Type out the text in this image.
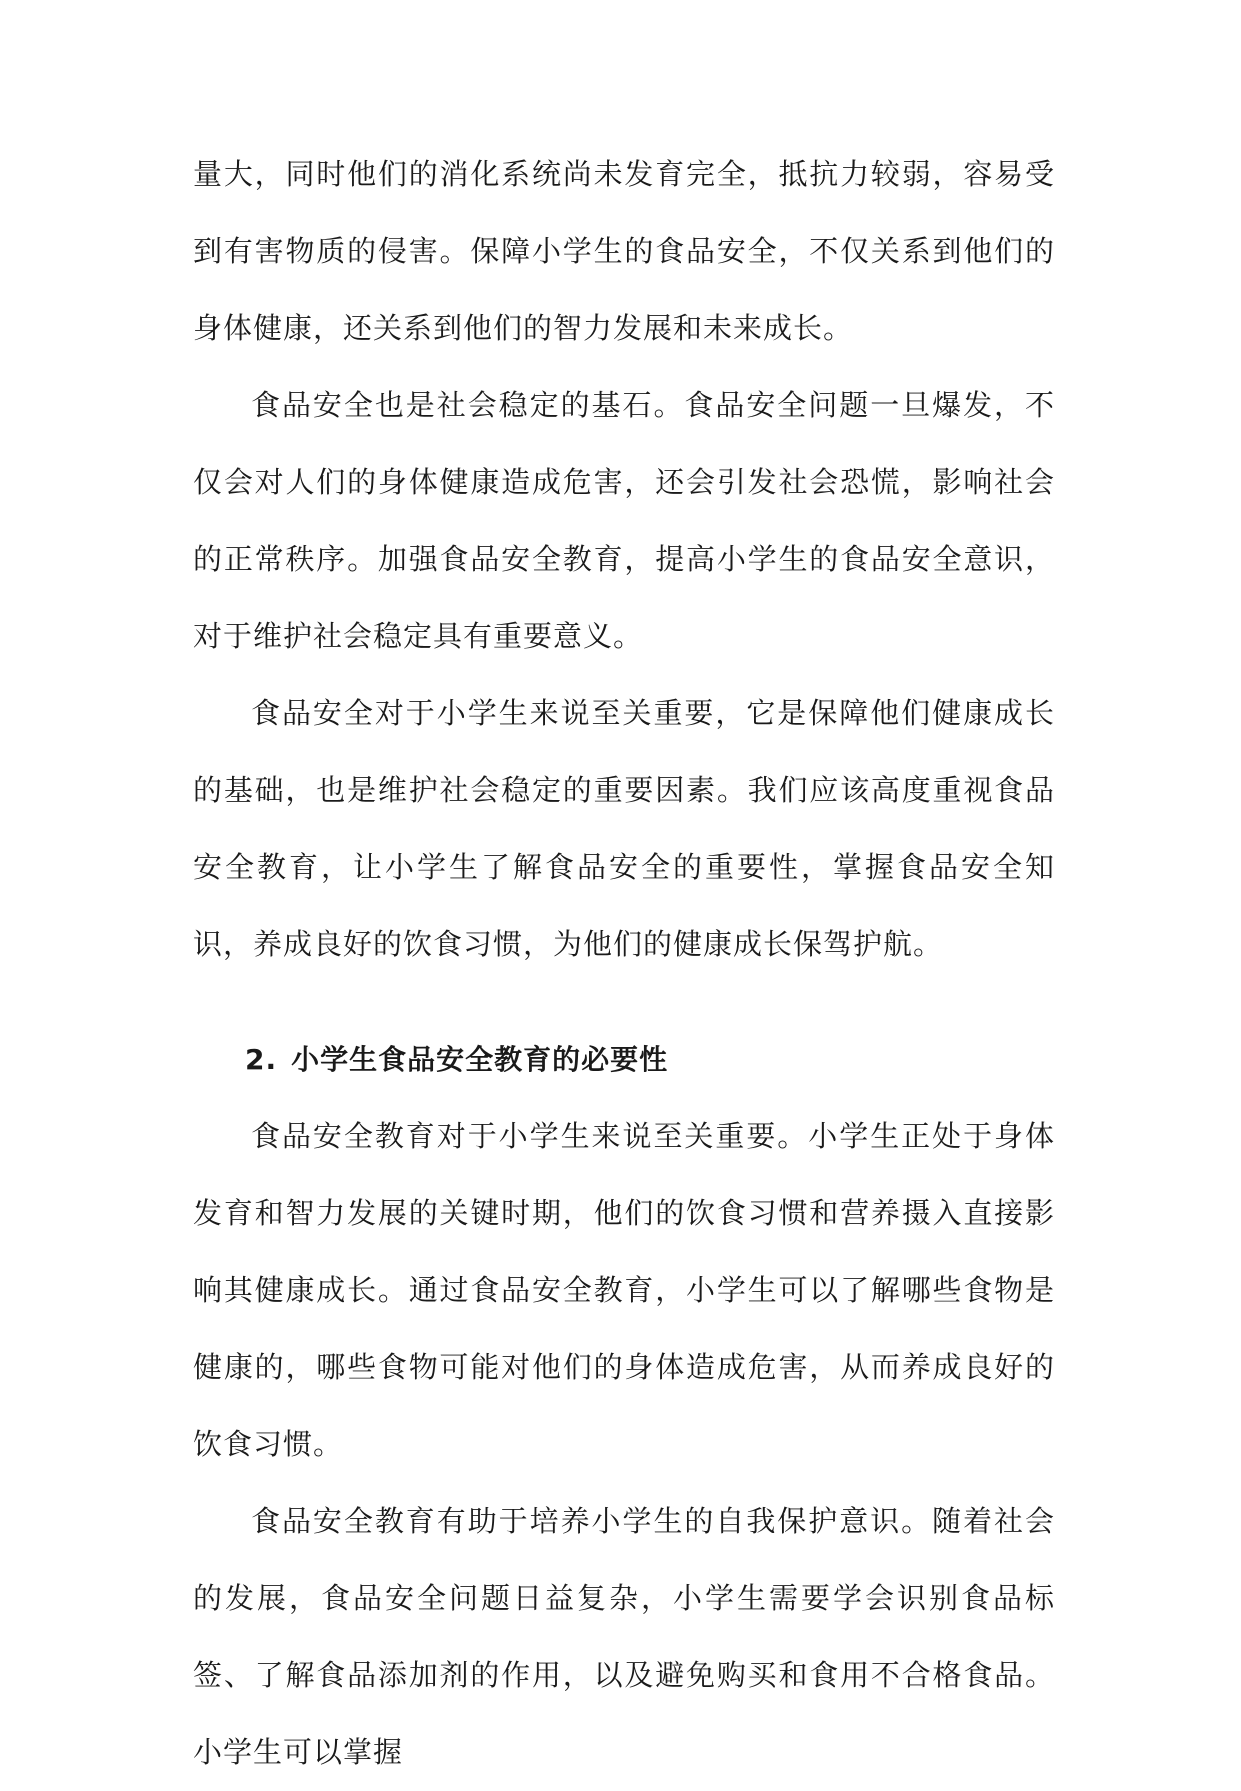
量大，同时他们的消化系统尚未发育完全，抵抗力较弱，容易受到有害物质的侵害。保障小学生的食品安全，不仅关系到他们的身体健康，还关系到他们的智力发展和未来成长。

食品安全也是社会稳定的基石。食品安全问题一旦爆发，不仅会对人们的身体健康造成危害，还会引发社会恐慌，影响社会的正常秩序。加强食品安全教育，提高小学生的食品安全意识，对于维护社会稳定具有重要意义。

食品安全对于小学生来说至关重要，它是保障他们健康成长的基础，也是维护社会稳定的重要因素。我们应该高度重视食品安全教育，让小学生了解食品安全的重要性，掌握食品安全知识，养成良好的饮食习惯，为他们的健康成长保驾护航。

2. 小学生食品安全教育的必要性

食品安全教育对于小学生来说至关重要。小学生正处于身体发育和智力发展的关键时期，他们的饮食习惯和营养摄入直接影响其健康成长。通过食品安全教育，小学生可以了解哪些食物是健康的，哪些食物可能对他们的身体造成危害，从而养成良好的饮食习惯。

食品安全教育有助于培养小学生的自我保护意识。随着社会的发展，食品安全问题日益复杂，小学生需要学会识别食品标签、了解食品添加剂的作用，以及避免购买和食用不合格食品。小学生可以掌握
